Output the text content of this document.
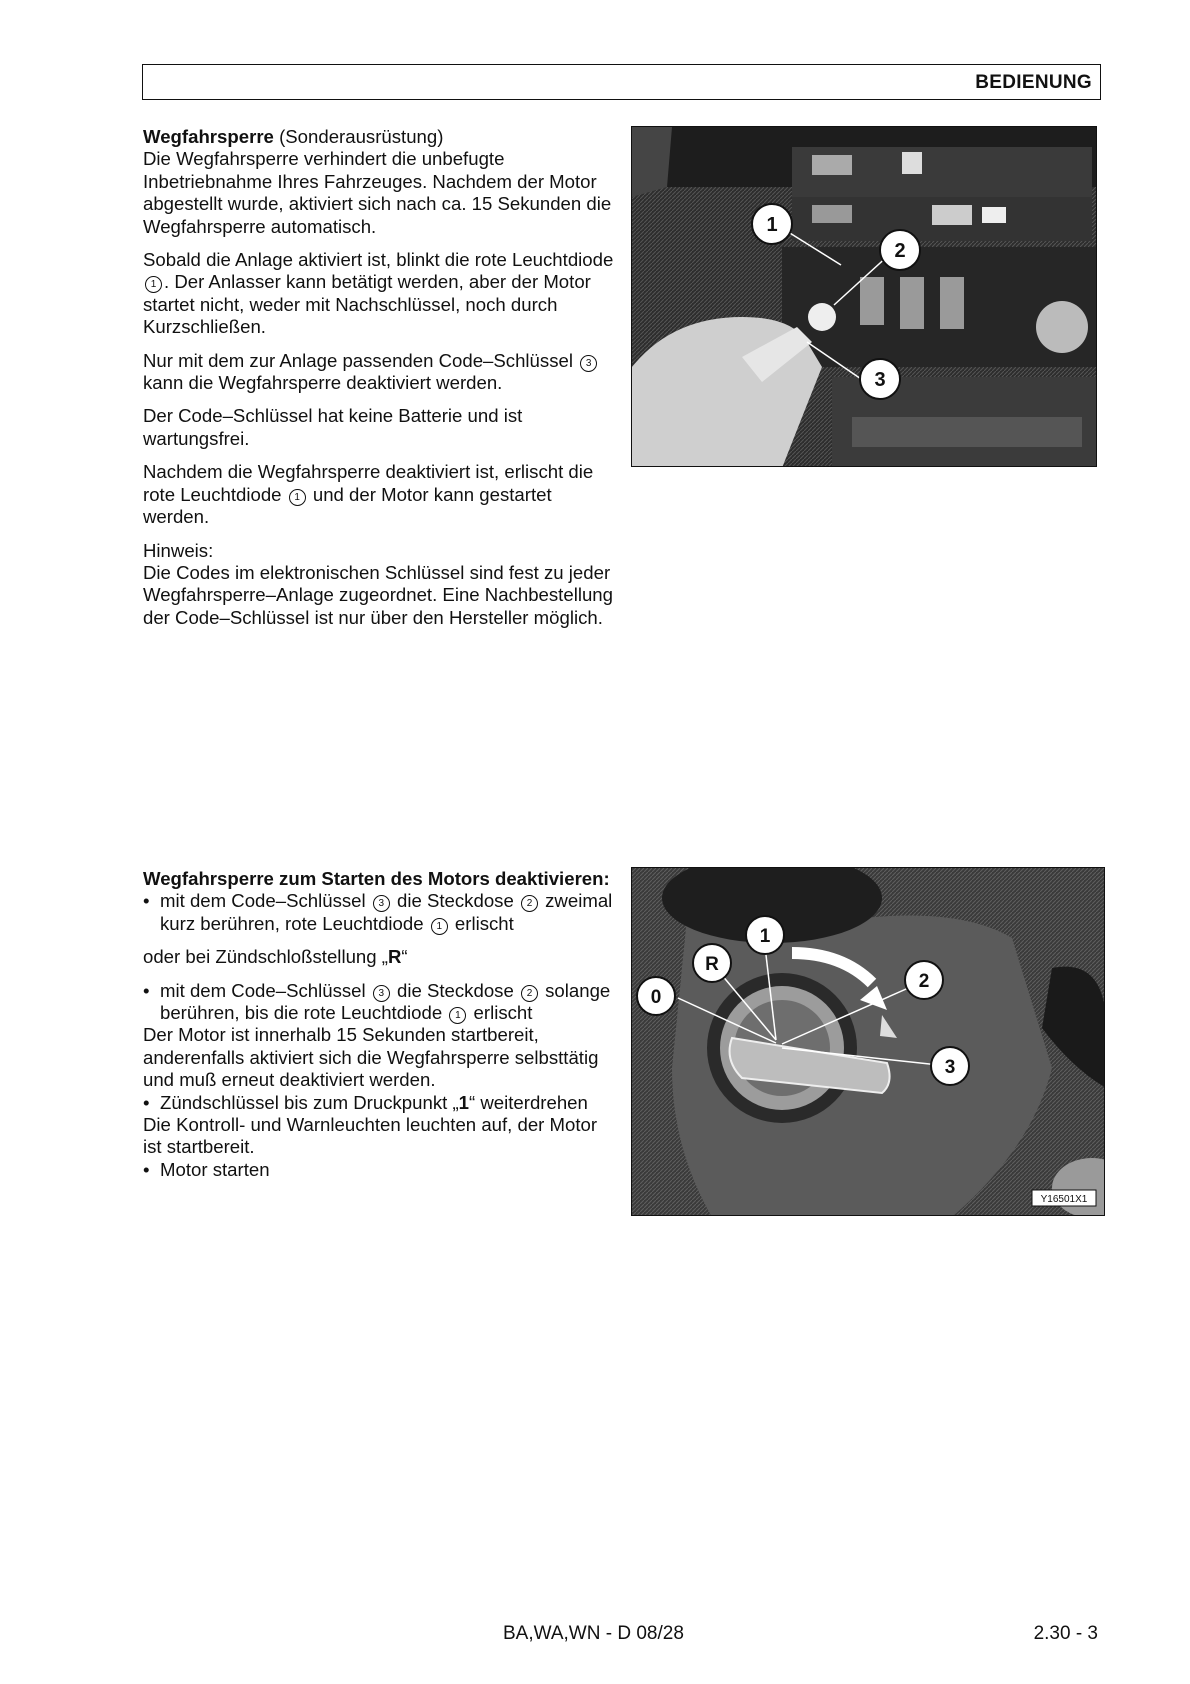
BEDIENUNG

Wegfahrsperre (Sonderausrüstung)
Die Wegfahrsperre verhindert die unbefugte Inbetriebnahme Ihres Fahrzeuges. Nachdem der Motor abgestellt wurde, aktiviert sich nach ca. 15 Sekunden die Wegfahrsperre automatisch.

Sobald die Anlage aktiviert ist, blinkt die rote Leuchtdiode 1 . Der Anlasser kann betätigt werden, aber der Motor startet nicht, weder mit Nachschlüssel, noch durch Kurzschließen.

Nur mit dem zur Anlage passenden Code–Schlüssel 3 kann die Wegfahrsperre deaktiviert werden.

Der Code–Schlüssel hat keine Batterie und ist wartungsfrei.

Nachdem die Wegfahrsperre deaktiviert ist, erlischt die rote Leuchtdiode 1 und der Motor kann gestartet werden.

Hinweis:
Die Codes im elektronischen Schlüssel sind fest zu jeder Wegfahrsperre–Anlage zugeordnet. Eine Nachbestellung der Code–Schlüssel ist nur über den Hersteller möglich.

1
2
3

Wegfahrsperre zum Starten des Motors deaktivieren:

• mit dem Code–Schlüssel 3 die Steckdose 2 zweimal kurz berühren, rote Leuchtdiode 1 erlischt

oder bei Zündschloßstellung „R“

• mit dem Code–Schlüssel 3 die Steckdose 2 solange berühren, bis die rote Leuchtdiode 1 erlischt
Der Motor ist innerhalb 15 Sekunden startbereit, anderenfalls aktiviert sich die Wegfahrsperre selbsttätig und muß erneut deaktiviert werden.
• Zündschlüssel bis zum Druckpunkt „1“ weiterdrehen
Die Kontroll- und Warnleuchten leuchten auf, der Motor ist startbereit.
• Motor starten
0
R
1
2
3
Y16501X1
BA,WA,WN - D 08/28	2.30 - 3
